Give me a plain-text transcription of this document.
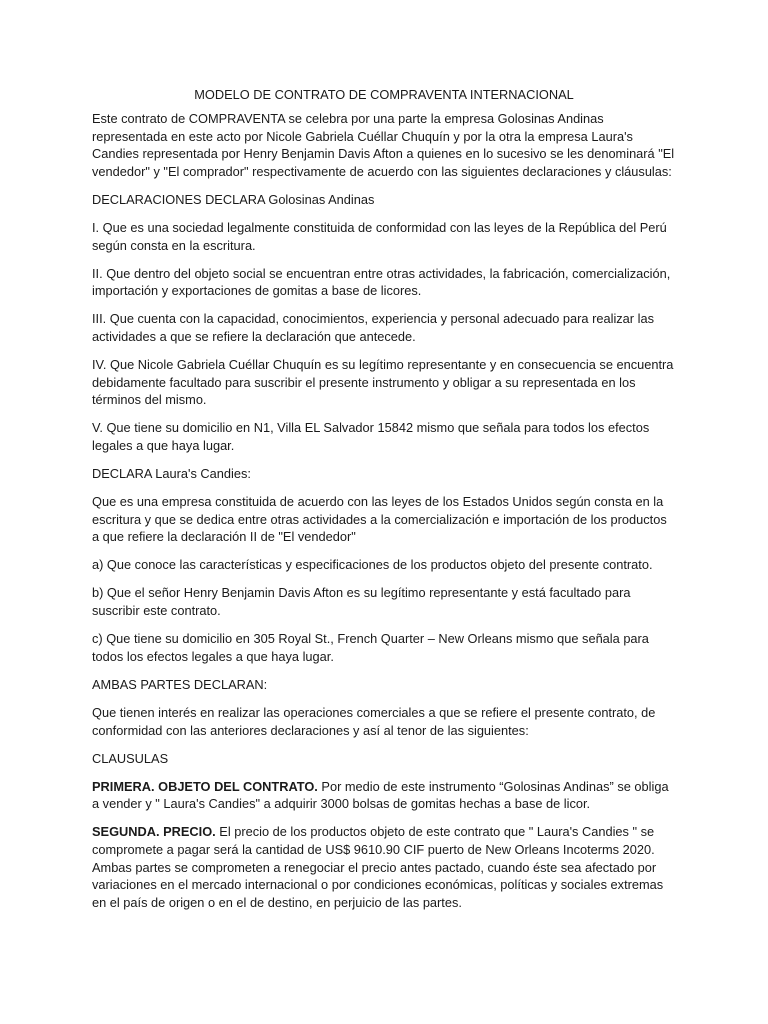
MODELO DE CONTRATO DE COMPRAVENTA INTERNACIONAL

Este contrato de COMPRAVENTA se celebra por una parte la empresa Golosinas Andinas representada en este acto por Nicole Gabriela Cuéllar Chuquín y por la otra la empresa Laura's Candies representada por Henry Benjamin Davis Afton a quienes en lo sucesivo se les denominará "El vendedor" y "El comprador" respectivamente de acuerdo con las siguientes declaraciones y cláusulas:

DECLARACIONES DECLARA Golosinas Andinas

I. Que es una sociedad legalmente constituida de conformidad con las leyes de la República del Perú según consta en la escritura.

II. Que dentro del objeto social se encuentran entre otras actividades, la fabricación, comercialización, importación y exportaciones de gomitas a base de licores.

III. Que cuenta con la capacidad, conocimientos, experiencia y personal adecuado para realizar las actividades a que se refiere la declaración que antecede.

IV. Que Nicole Gabriela Cuéllar Chuquín es su legítimo representante y en consecuencia se encuentra debidamente facultado para suscribir el presente instrumento y obligar a su representada en los términos del mismo.

V. Que tiene su domicilio en N1, Villa EL Salvador 15842 mismo que señala para todos los efectos legales a que haya lugar.

DECLARA Laura's Candies:

Que es una empresa constituida de acuerdo con las leyes de los Estados Unidos según consta en la escritura y que se dedica entre otras actividades a la comercialización e importación de los productos a que refiere la declaración II de "El vendedor"

a) Que conoce las características y especificaciones de los productos objeto del presente contrato.

b) Que el señor Henry Benjamin Davis Afton es su legítimo representante y está facultado para suscribir este contrato.

c) Que tiene su domicilio en 305 Royal St., French Quarter – New Orleans mismo que señala para todos los efectos legales a que haya lugar.

AMBAS PARTES DECLARAN:

Que tienen interés en realizar las operaciones comerciales a que se refiere el presente contrato, de conformidad con las anteriores declaraciones y así al tenor de las siguientes:

CLAUSULAS

PRIMERA. OBJETO DEL CONTRATO. Por medio de este instrumento “Golosinas Andinas” se obliga a vender y " Laura's Candies" a adquirir 3000 bolsas de gomitas hechas a base de licor.

SEGUNDA. PRECIO. El precio de los productos objeto de este contrato que " Laura's Candies " se compromete a pagar será la cantidad de US$ 9610.90 CIF puerto de New Orleans Incoterms 2020. Ambas partes se comprometen a renegociar el precio antes pactado, cuando éste sea afectado por variaciones en el mercado internacional o por condiciones económicas, políticas y sociales extremas en el país de origen o en el de destino, en perjuicio de las partes.
